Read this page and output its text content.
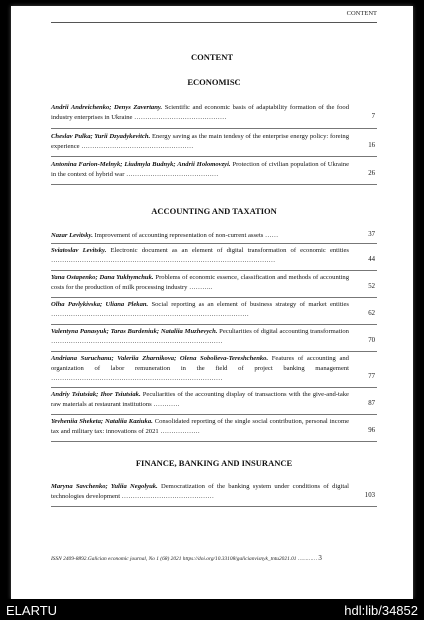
CONTENT
CONTENT
ECONOMISC
Andrii Andreichenko; Denys Zavertany. Scientific and economic basis of adaptability formation of the food industry enterprises in Ukraine ……………………………………	7
Cheslav Pulka; Yurii Dzyadykevitch. Energy saving as the main tendesy of the enterprise energy policy: foreing experience ……………………………………………	16
Antonina Farion-Melnyk; Liudmyla Budnyk; Andrii Holomovzyi. Protection of civilian population of Ukraine in the context of hybrid war ……………………………………	26
ACCOUNTING AND TAXATION
Nazar Levitsky. Improvement of accounting representation of non-current assets ……	37
Sviatoslav Levitsky. Electronic document as an element of digital transformation of economic entities …………………………………………………………………………………………	44
Yana Ostapenko; Dana Yukhymchuk. Problems of economic essence, classification and methods of accounting costs for the production of milk processing industry ………..	52
Olha Pavlykivska; Uliana Plekan. Social reporting as an element of business strategy of market entities ………………………………………………………………………………	62
Valentyna Panasyuk; Taras Burdeniuk; Nataliia Muzhevych. Peculiarities of digital accounting transformation ……………………………………………………………………	70
Andriana Suruchanu; Valeriia Zharnikova; Olena Sobolieva-Tereshchenko. Features of accounting and organization of labor remuneration in the field of project banking management ……………………………………………………………………	77
Andriy Tsiutsiak; Ihor Tsiutsiak. Peculiarities of the accounting display of transactions with the give-and-take raw materials at restaurant institutions …………	87
Yevheniia Sheketa; Nataliia Kaziuka. Consolidated reporting of the single social contribution, personal income tax and military tax: innovations of 2021 ………………	96
FINANCE, BANKING AND INSURANCE
Maryna Savchenko; Yuliia Negolyuk. Democratization of the banking system under conditions of digital technologies development ……………………………………	103
ISSN 2409-8892.Galician economic journal, No 1 (68) 2021 https://doi.org/10.33108/galicianvisnyk_tntu2021.01 ………… 3
ELARTU	hdl:lib/34852
